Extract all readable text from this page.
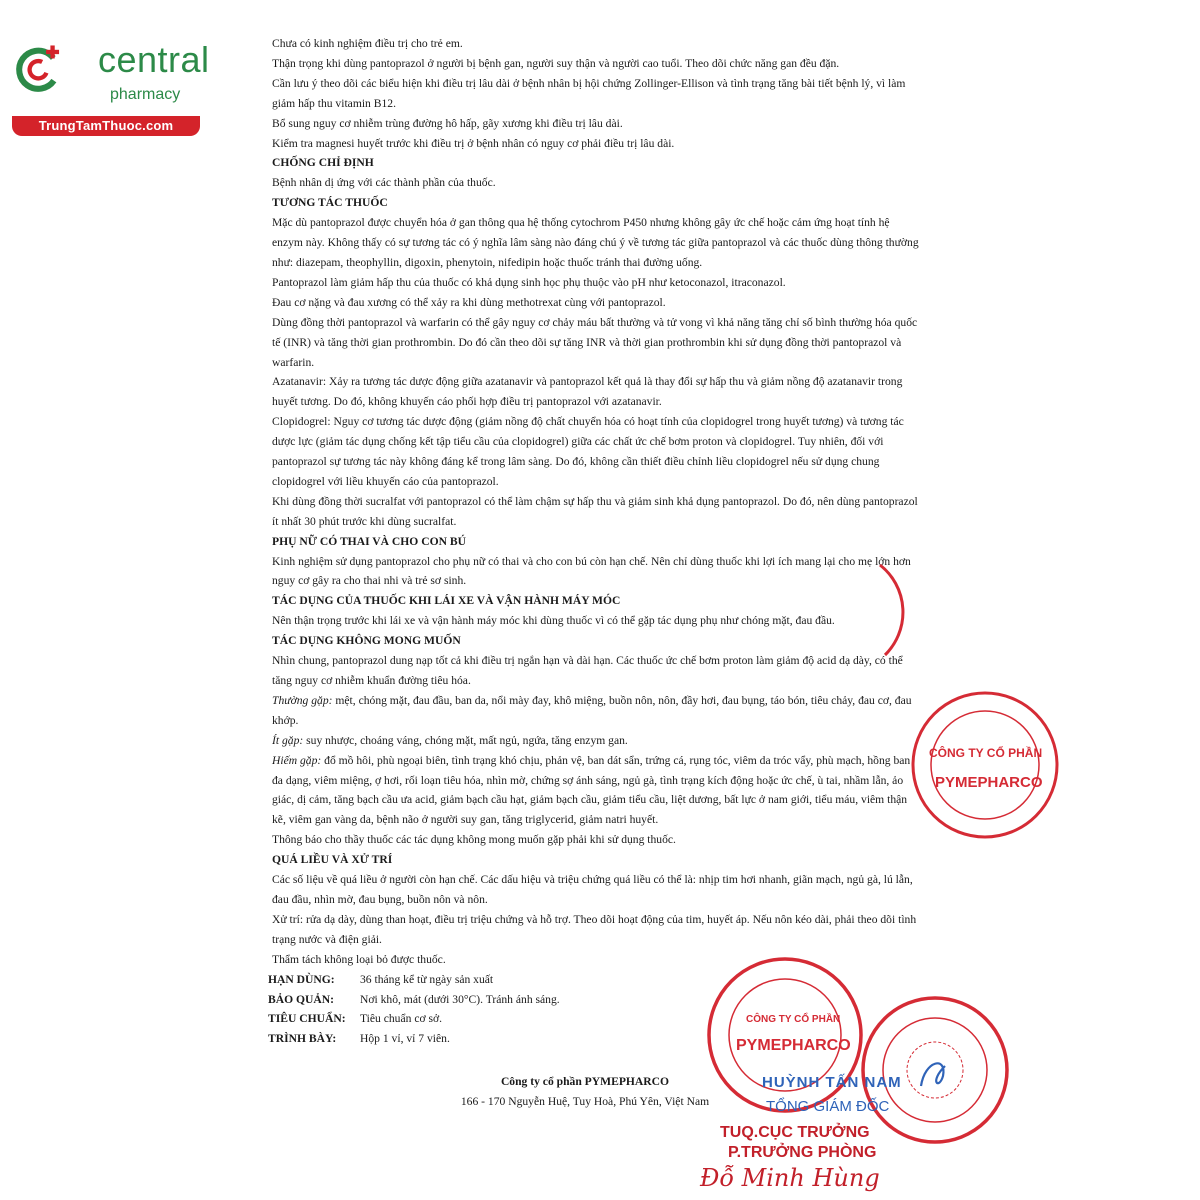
central
pharmacy
TrungTamThuoc.com

Chưa có kinh nghiệm điều trị cho trẻ em.

Thận trọng khi dùng pantoprazol ở người bị bệnh gan, người suy thận và người cao tuổi. Theo dõi chức năng gan đều đặn.

Cần lưu ý theo dõi các biểu hiện khi điều trị lâu dài ở bệnh nhân bị hội chứng Zollinger-Ellison và tình trạng tăng bài tiết bệnh lý, vì làm giảm hấp thu vitamin B12.

Bổ sung nguy cơ nhiễm trùng đường hô hấp, gãy xương khi điều trị lâu dài.

Kiểm tra magnesi huyết trước khi điều trị ở bệnh nhân có nguy cơ phải điều trị lâu dài.

CHỐNG CHỈ ĐỊNH

Bệnh nhân dị ứng với các thành phần của thuốc.

TƯƠNG TÁC THUỐC

Mặc dù pantoprazol được chuyển hóa ở gan thông qua hệ thống cytochrom P450 nhưng không gây ức chế hoặc cảm ứng hoạt tính hệ enzym này. Không thấy có sự tương tác có ý nghĩa lâm sàng nào đáng chú ý về tương tác giữa pantoprazol và các thuốc dùng thông thường như: diazepam, theophyllin, digoxin, phenytoin, nifedipin hoặc thuốc tránh thai đường uống.

Pantoprazol làm giảm hấp thu của thuốc có khả dụng sinh học phụ thuộc vào pH như ketoconazol, itraconazol.

Đau cơ nặng và đau xương có thể xảy ra khi dùng methotrexat cùng với pantoprazol.

Dùng đồng thời pantoprazol và warfarin có thể gây nguy cơ chảy máu bất thường và tử vong vì khả năng tăng chỉ số bình thường hóa quốc tế (INR) và tăng thời gian prothrombin. Do đó cần theo dõi sự tăng INR và thời gian prothrombin khi sử dụng đồng thời pantoprazol và warfarin.

Azatanavir: Xảy ra tương tác dược động giữa azatanavir và pantoprazol kết quả là thay đổi sự hấp thu và giảm nồng độ azatanavir trong huyết tương. Do đó, không khuyến cáo phối hợp điều trị pantoprazol với azatanavir.

Clopidogrel: Nguy cơ tương tác dược động (giảm nồng độ chất chuyển hóa có hoạt tính của clopidogrel trong huyết tương) và tương tác dược lực (giảm tác dụng chống kết tập tiểu cầu của clopidogrel) giữa các chất ức chế bơm proton và clopidogrel. Tuy nhiên, đối với pantoprazol sự tương tác này không đáng kể trong lâm sàng. Do đó, không cần thiết điều chỉnh liều clopidogrel nếu sử dụng chung clopidogrel với liều khuyến cáo của pantoprazol.

Khi dùng đồng thời sucralfat với pantoprazol có thể làm chậm sự hấp thu và giảm sinh khả dụng pantoprazol. Do đó, nên dùng pantoprazol ít nhất 30 phút trước khi dùng sucralfat.

PHỤ NỮ CÓ THAI VÀ CHO CON BÚ

Kinh nghiệm sử dụng pantoprazol cho phụ nữ có thai và cho con bú còn hạn chế. Nên chỉ dùng thuốc khi lợi ích mang lại cho mẹ lớn hơn nguy cơ gây ra cho thai nhi và trẻ sơ sinh.

TÁC DỤNG CỦA THUỐC KHI LÁI XE VÀ VẬN HÀNH MÁY MÓC

Nên thận trọng trước khi lái xe và vận hành máy móc khi dùng thuốc vì có thể gặp tác dụng phụ như chóng mặt, đau đầu.

TÁC DỤNG KHÔNG MONG MUỐN

Nhìn chung, pantoprazol dung nạp tốt cả khi điều trị ngắn hạn và dài hạn. Các thuốc ức chế bơm proton làm giảm độ acid dạ dày, có thể tăng nguy cơ nhiễm khuẩn đường tiêu hóa.

Thường gặp: mệt, chóng mặt, đau đầu, ban da, nổi mày đay, khô miệng, buồn nôn, nôn, đầy hơi, đau bụng, táo bón, tiêu chảy, đau cơ, đau khớp.

Ít gặp: suy nhược, choáng váng, chóng mặt, mất ngủ, ngứa, tăng enzym gan.

Hiếm gặp: đổ mồ hôi, phù ngoại biên, tình trạng khó chịu, phản vệ, ban dát sẩn, trứng cá, rụng tóc, viêm da tróc vẩy, phù mạch, hồng ban đa dạng, viêm miệng, ợ hơi, rối loạn tiêu hóa, nhìn mờ, chứng sợ ánh sáng, ngủ gà, tình trạng kích động hoặc ức chế, ù tai, nhầm lẫn, ảo giác, dị cảm, tăng bạch cầu ưa acid, giảm bạch cầu hạt, giảm bạch cầu, giảm tiểu cầu, liệt dương, bất lực ở nam giới, tiểu máu, viêm thận kẽ, viêm gan vàng da, bệnh não ở người suy gan, tăng triglycerid, giảm natri huyết.

Thông báo cho thầy thuốc các tác dụng không mong muốn gặp phải khi sử dụng thuốc.

QUÁ LIỀU VÀ XỬ TRÍ

Các số liệu về quá liều ở người còn hạn chế. Các dấu hiệu và triệu chứng quá liều có thể là: nhịp tim hơi nhanh, giãn mạch, ngủ gà, lú lẫn, đau đầu, nhìn mờ, đau bụng, buồn nôn và nôn.

Xử trí: rửa dạ dày, dùng than hoạt, điều trị triệu chứng và hỗ trợ. Theo dõi hoạt động của tim, huyết áp. Nếu nôn kéo dài, phải theo dõi tình trạng nước và điện giải.

Thẩm tách không loại bỏ được thuốc.

HẠN DÙNG:	36 tháng kể từ ngày sản xuất
BẢO QUẢN:	Nơi khô, mát (dưới 30°C). Tránh ánh sáng.
TIÊU CHUẨN:	Tiêu chuẩn cơ sở.
TRÌNH BÀY:	Hộp 1 vỉ, vỉ 7 viên.
Công ty cổ phần PYMEPHARCO
166 - 170 Nguyễn Huệ, Tuy Hoà, Phú Yên, Việt Nam
CÔNG TY CỔ PHẦN
PYMEPHARCO
CÔNG TY CỔ PHẦN
PYMEPHARCO
HUỲNH TẤN NAM
TỔNG GIÁM ĐỐC
TUQ.CỤC TRƯỞNG
P.TRƯỞNG PHÒNG
Đỗ Minh Hùng
